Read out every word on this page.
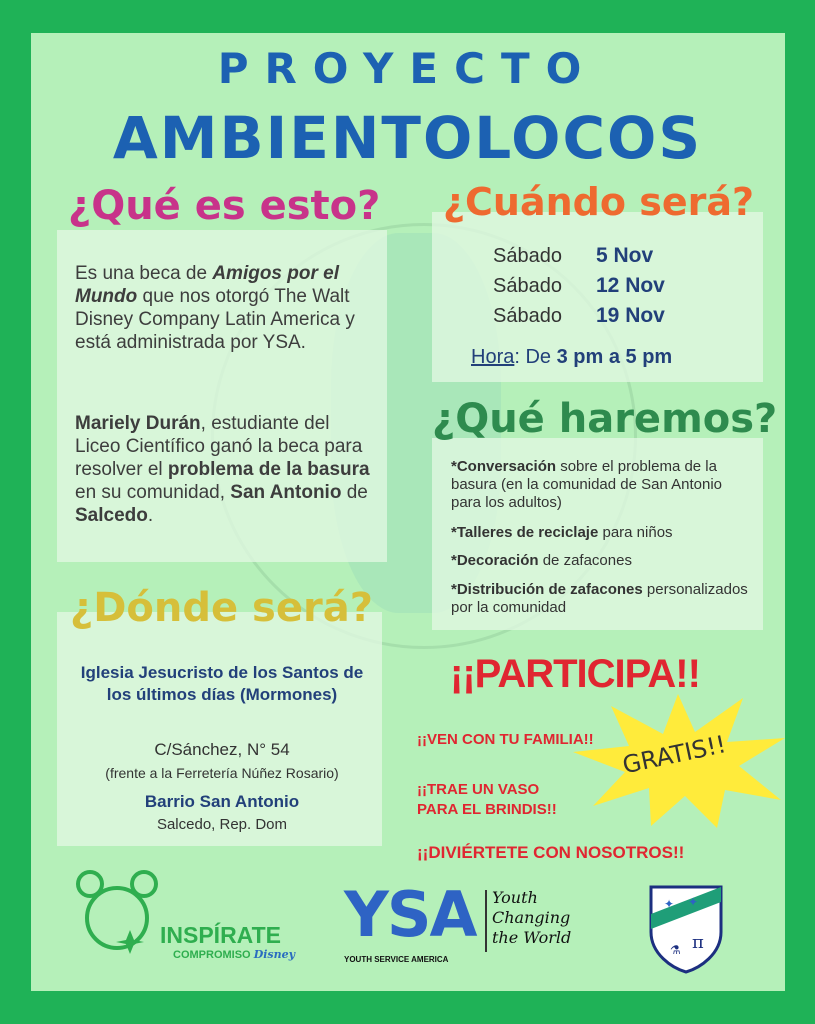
PROYECTO
AMBIENTOLOCOS
¿Qué es esto?
Es una beca de Amigos por el Mundo que nos otorgó The Walt Disney Company Latin America y está administrada por YSA.
Mariely Durán, estudiante del Liceo Científico ganó la beca para resolver el problema de la basura en su comunidad, San Antonio de Salcedo.
¿Cuándo será?
Sábado 5 Nov
Sábado 12 Nov
Sábado 19 Nov
Hora: De 3 pm a 5 pm
¿Qué haremos?
*Conversación sobre el problema de la basura (en la comunidad de San Antonio para los adultos)
*Talleres de reciclaje para niños
*Decoración de zafacones
*Distribución de zafacones personalizados por la comunidad
¿Dónde será?
Iglesia Jesucristo de los Santos de los últimos días (Mormones)
C/Sánchez, N° 54
(frente a la Ferretería Núñez Rosario)
Barrio San Antonio
Salcedo, Rep. Dom
¡¡PARTICIPA!!
GRATIS!!
¡¡VEN CON TU FAMILIA!!
¡¡TRAE UN VASO
PARA EL BRINDIS!!
¡¡DIVIÉRTETE CON NOSOTROS!!
INSPÍRATE
COMPROMISO Disney
YSA
YOUTH SERVICE AMERICA
Youth
Changing
the World
✦ ✦
π
⚗
